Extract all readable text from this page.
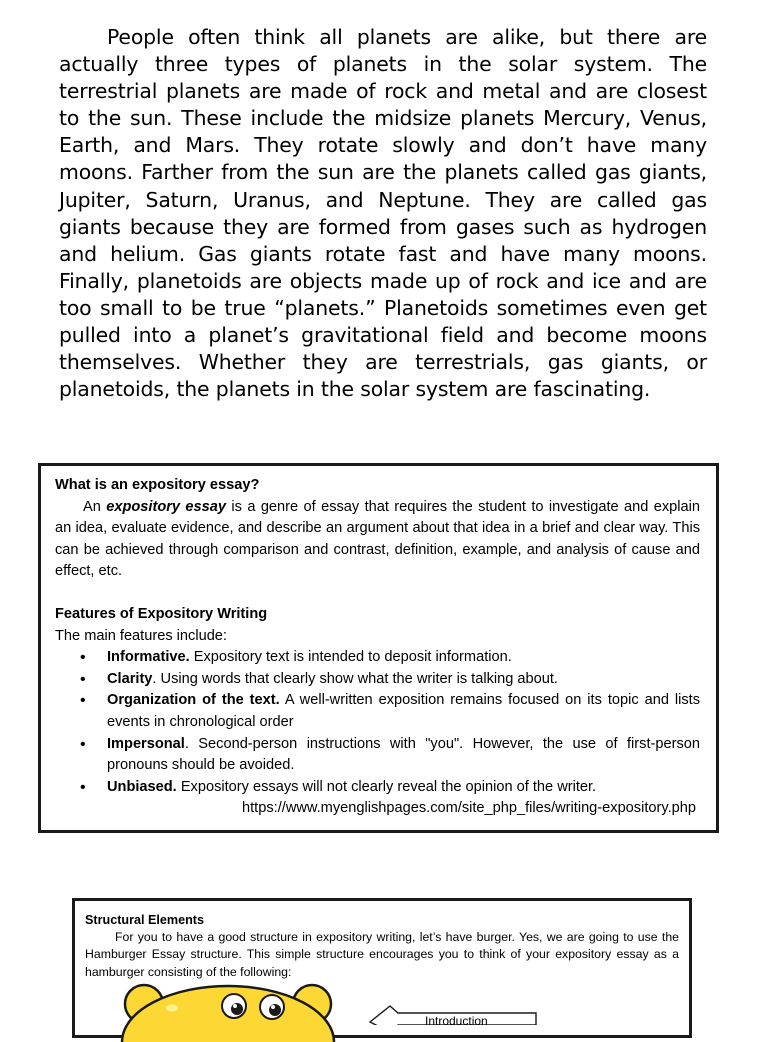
People often think all planets are alike, but there are actually three types of planets in the solar system. The terrestrial planets are made of rock and metal and are closest to the sun. These include the midsize planets Mercury, Venus, Earth, and Mars. They rotate slowly and don’t have many moons. Farther from the sun are the planets called gas giants, Jupiter, Saturn, Uranus, and Neptune. They are called gas giants because they are formed from gases such as hydrogen and helium. Gas giants rotate fast and have many moons. Finally, planetoids are objects made up of rock and ice and are too small to be true “planets.” Planetoids sometimes even get pulled into a planet’s gravitational field and become moons themselves. Whether they are terrestrials, gas giants, or planetoids, the planets in the solar system are fascinating.

What is an expository essay?

An expository essay is a genre of essay that requires the student to investigate and explain an idea, evaluate evidence, and describe an argument about that idea in a brief and clear way. This can be achieved through comparison and contrast, definition, example, and analysis of cause and effect, etc.

Features of Expository Writing

The main features include:

• Informative. Expository text is intended to deposit information.
• Clarity. Using words that clearly show what the writer is talking about.
• Organization of the text. A well-written exposition remains focused on its topic and lists events in chronological order
• Impersonal. Second-person instructions with "you". However, the use of first-person pronouns should be avoided.
• Unbiased. Expository essays will not clearly reveal the opinion of the writer.

https://www.myenglishpages.com/site_php_files/writing-expository.php

Structural Elements

For you to have a good structure in expository writing, let’s have burger. Yes, we are going to use the Hamburger Essay structure. This simple structure encourages you to think of your expository essay as a hamburger consisting of the following:

Introduction
